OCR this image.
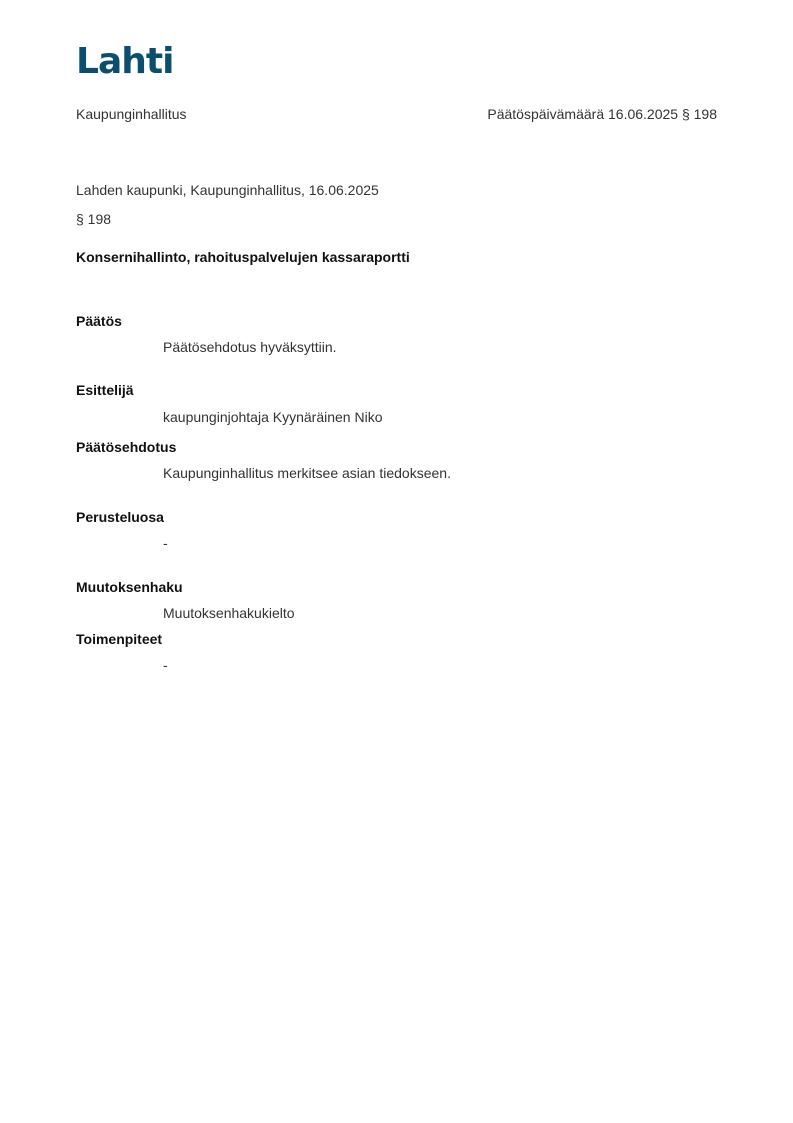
Lahti
Kaupunginhallitus	Päätöspäivämäärä 16.06.2025 § 198
Lahden kaupunki, Kaupunginhallitus, 16.06.2025
§ 198
Konsernihallinto, rahoituspalvelujen kassaraportti
Päätös
Päätösehdotus hyväksyttiin.
Esittelijä
kaupunginjohtaja Kyynäräinen Niko
Päätösehdotus
Kaupunginhallitus merkitsee asian tiedokseen.
Perusteluosa
-
Muutoksenhaku
Muutoksenhakukielto
Toimenpiteet
-
